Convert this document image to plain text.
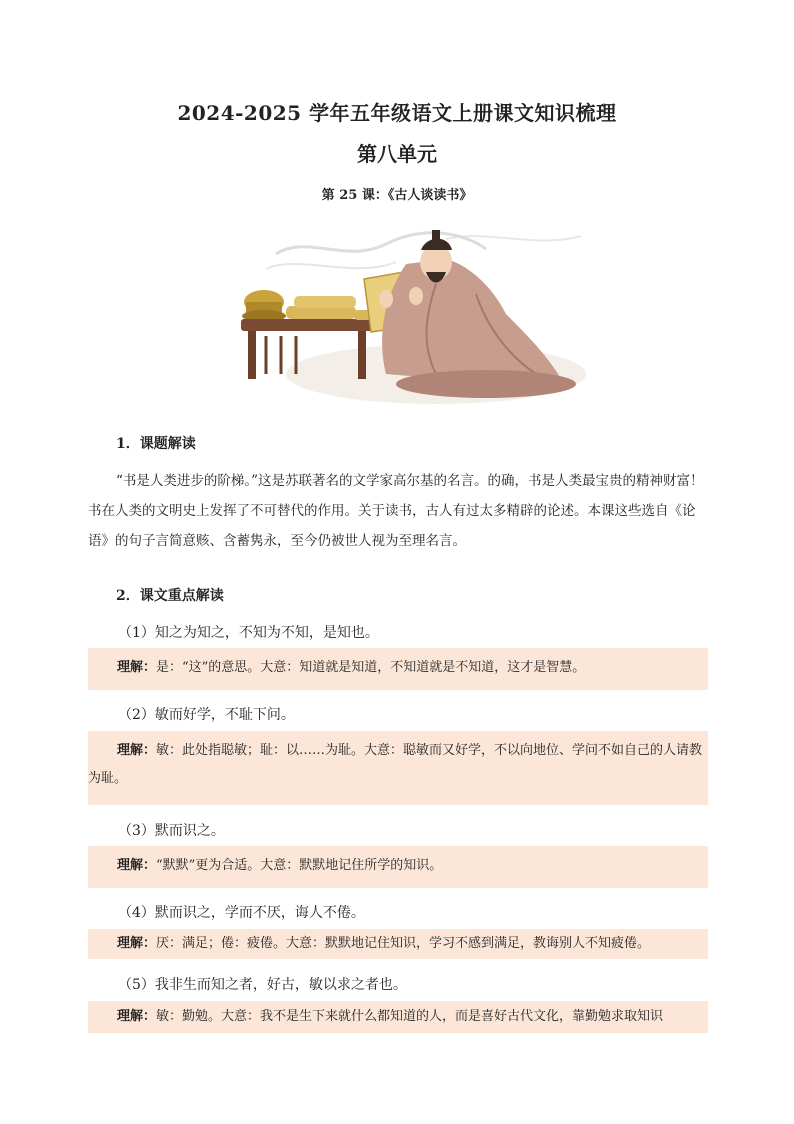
2024-2025 学年五年级语文上册课文知识梳理
第八单元
第 25 课：《古人谈读书》
1．课题解读

“书是人类进步的阶梯。”这是苏联著名的文学家高尔基的名言。的确，书是人类最宝贵的精神财富！书在人类的文明史上发挥了不可替代的作用。关于读书，古人有过太多精辟的论述。本课这些选自《论语》的句子言简意赅、含蓄隽永，至今仍被世人视为至理名言。

2．课文重点解读
（1）知之为知之，不知为不知，是知也。
理解：是：“这”的意思。大意：知道就是知道，不知道就是不知道，这才是智慧。
（2）敏而好学，不耻下问。
理解：敏：此处指聪敏；耻：以……为耻。大意：聪敏而又好学，不以向地位、学问不如自己的人请教为耻。
（3）默而识之。
理解：“默默”更为合适。大意：默默地记住所学的知识。
（4）默而识之，学而不厌，诲人不倦。
理解：厌：满足；倦：疲倦。大意：默默地记住知识，学习不感到满足，教诲别人不知疲倦。
（5）我非生而知之者，好古，敏以求之者也。
理解：敏：勤勉。大意：我不是生下来就什么都知道的人，而是喜好古代文化，靠勤勉求取知识
